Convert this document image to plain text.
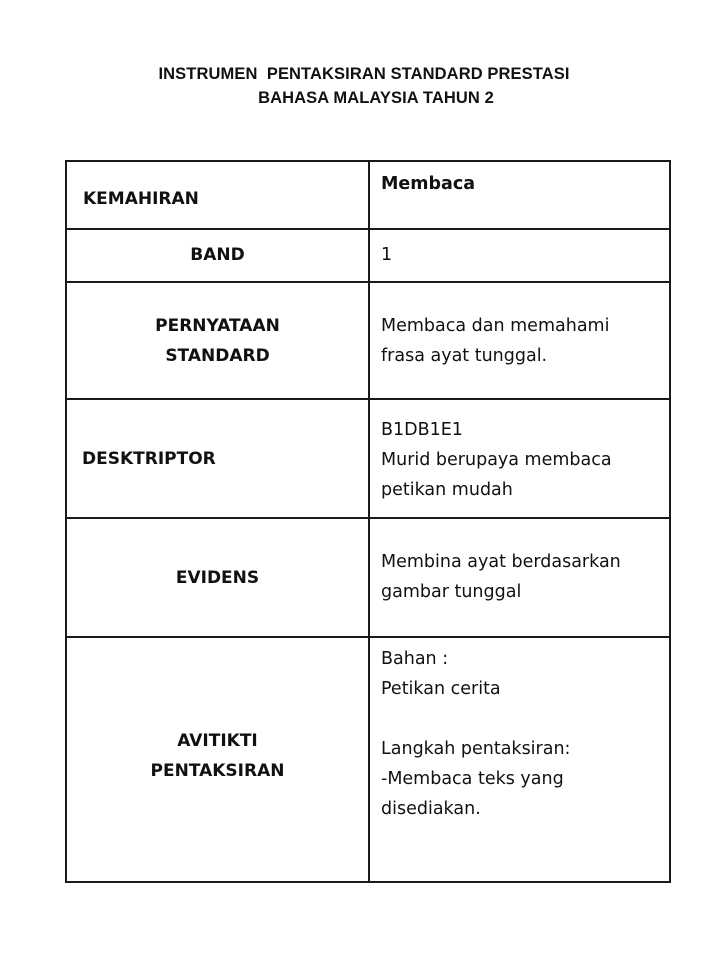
INSTRUMEN  PENTAKSIRAN STANDARD PRESTASI
BAHASA MALAYSIA TAHUN 2
KEMAHIRAN	Membaca

BAND	1

PERNYATAAN
STANDARD	Membaca dan memahami
frasa ayat tunggal.

DESKTRIPTOR	B1DB1E1
Murid berupaya membaca
petikan mudah

EVIDENS	Membina ayat berdasarkan
gambar tunggal

AVITIKTI
PENTAKSIRAN	Bahan :
Petikan cerita

Langkah pentaksiran:
-Membaca teks yang
disediakan.
